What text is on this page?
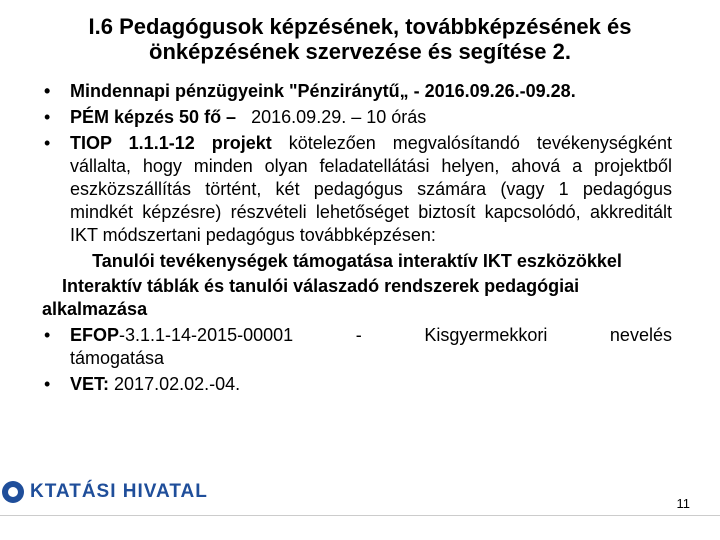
I.6 Pedagógusok képzésének, továbbképzésének és önképzésének szervezése és segítése 2.
• Mindennapi pénzügyeink "Pénziránytű„ - 2016.09.26.-09.28.
• PÉM képzés 50 fő – 2016.09.29. – 10 órás
• TIOP 1.1.1-12 projekt kötelezően megvalósítandó tevékenységként vállalta, hogy minden olyan feladatellátási helyen, ahová a projektből eszközszállítás történt, két pedagógus számára (vagy 1 pedagógus mindkét képzésre) részvételi lehetőséget biztosít kapcsolódó, akkreditált IKT módszertani pedagógus továbbképzésen:
Tanulói tevékenységek támogatása interaktív IKT eszközökkel
Interaktív táblák és tanulói válaszadó rendszerek pedagógiai
alkalmazása
• EFOP-3.1.1-14-2015-00001	-	Kisgyermekkori	nevelés
támogatása
• VET: 2017.02.02.-04.
KTATÁSI HIVATAL
11
